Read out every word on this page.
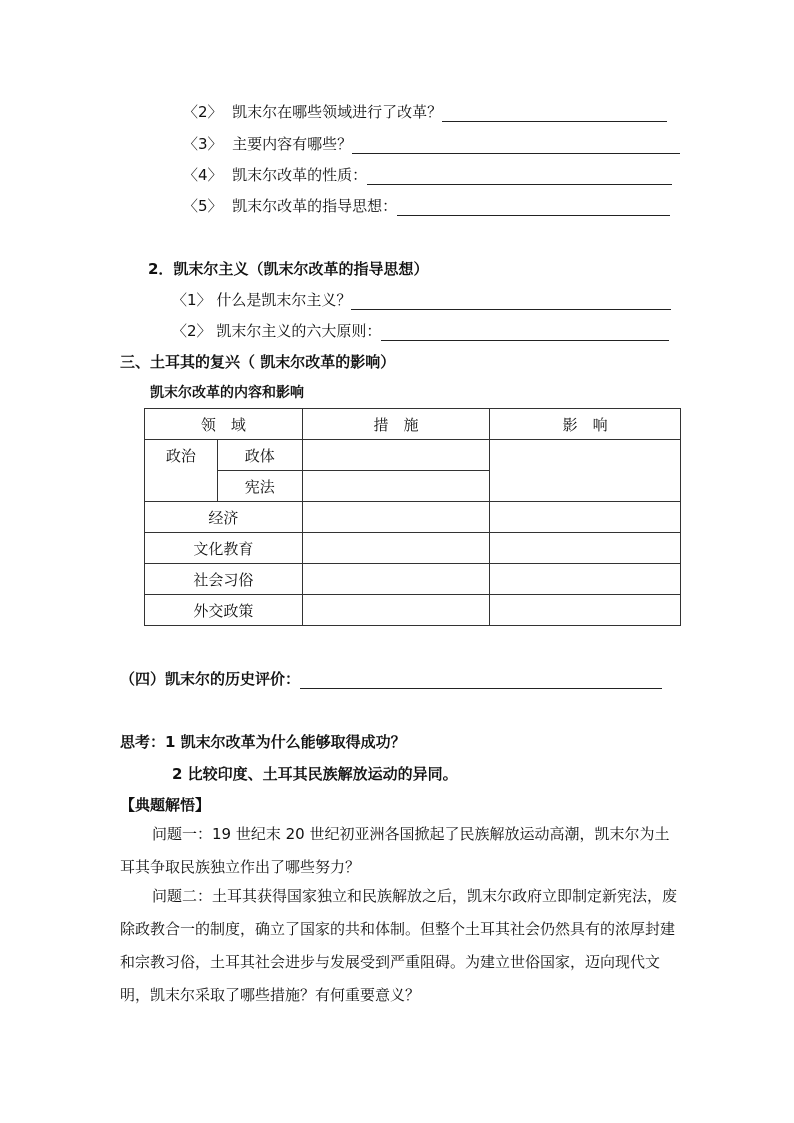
〈2〉 凯末尔在哪些领域进行了改革？
〈3〉 主要内容有哪些？
〈4〉 凯末尔改革的性质：
〈5〉 凯末尔改革的指导思想：
2．凯末尔主义（凯末尔改革的指导思想）
〈1〉 什么是凯末尔主义？
〈2〉 凯末尔主义的六大原则：
三、土耳其的复兴（ 凯末尔改革的影响）
凯末尔改革的内容和影响
领　域		措　施	影　响
政治	政体		
	宪法		
经济			
文化教育			
社会习俗			
外交政策			
（四）凯末尔的历史评价：
思考：1 凯末尔改革为什么能够取得成功？
2 比较印度、土耳其民族解放运动的异同。
【典题解悟】
问题一：19 世纪末 20 世纪初亚洲各国掀起了民族解放运动高潮，凯末尔为土耳其争取民族独立作出了哪些努力？
问题二：土耳其获得国家独立和民族解放之后，凯末尔政府立即制定新宪法，废除政教合一的制度，确立了国家的共和体制。但整个土耳其社会仍然具有的浓厚封建和宗教习俗，土耳其社会进步与发展受到严重阻碍。为建立世俗国家，迈向现代文明，凯末尔采取了哪些措施？有何重要意义？
